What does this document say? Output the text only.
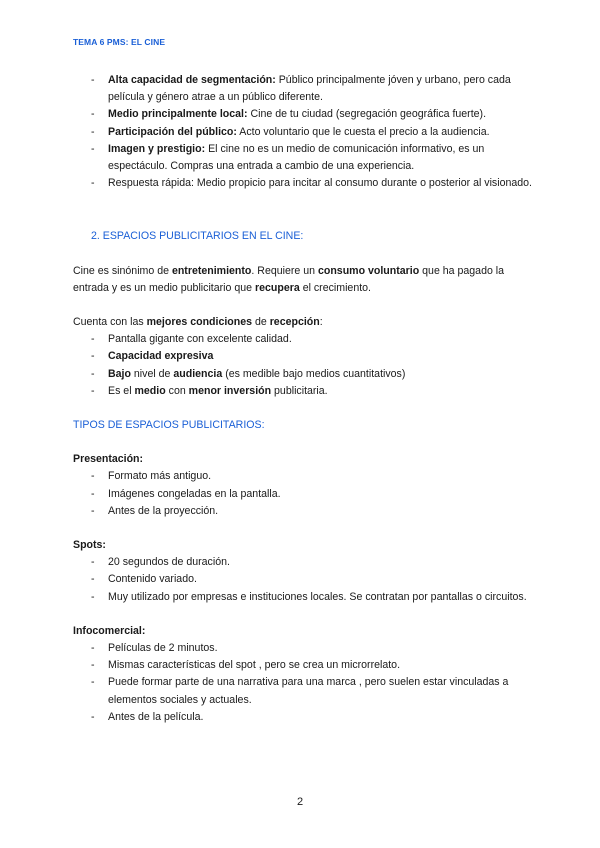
TEMA 6 PMS: EL CINE
- Alta capacidad de segmentación: Público principalmente jóven y urbano, pero cada película y género atrae a un público diferente.
- Medio principalmente local: Cine de tu ciudad (segregación geográfica fuerte).
- Participación del público: Acto voluntario que le cuesta el precio a la audiencia.
- Imagen y prestigio: El cine no es un medio de comunicación informativo, es un espectáculo. Compras una entrada a cambio de una experiencia.
- Respuesta rápida: Medio propicio para incitar al consumo durante o posterior al visionado.
2. ESPACIOS PUBLICITARIOS EN EL CINE:
Cine es sinónimo de entretenimiento. Requiere un consumo voluntario que ha pagado la entrada y es un medio publicitario que recupera el crecimiento.
Cuenta con las mejores condiciones de recepción:
- Pantalla gigante con excelente calidad.
- Capacidad expresiva
- Bajo nivel de audiencia (es medible bajo medios cuantitativos)
- Es el medio con menor inversión publicitaria.
TIPOS DE ESPACIOS PUBLICITARIOS:
Presentación:
- Formato más antiguo.
- Imágenes congeladas en la pantalla.
- Antes de la proyección.
Spots:
- 20 segundos de duración.
- Contenido variado.
- Muy utilizado por empresas e instituciones locales. Se contratan por pantallas o circuitos.
Infocomercial:
- Películas de 2 minutos.
- Mismas características del spot , pero se crea un microrrelato.
- Puede formar parte de una narrativa para una marca , pero suelen estar vinculadas a elementos sociales y actuales.
- Antes de la película.
2
